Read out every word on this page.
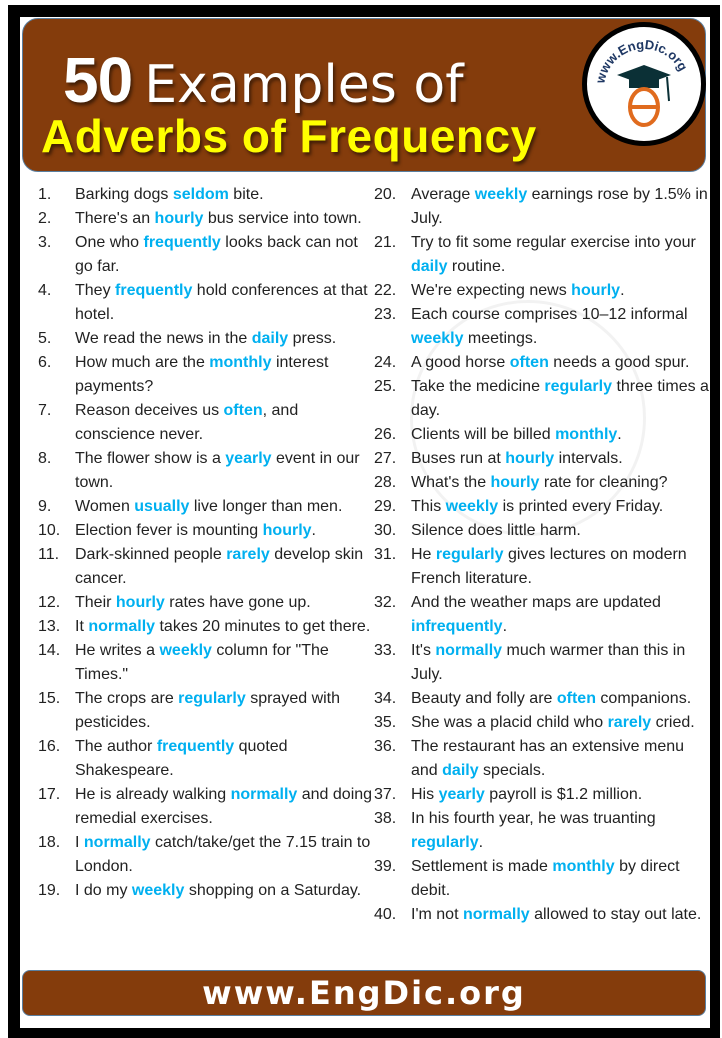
50 Examples of
Adverbs of Frequency
www.EngDic.org
1.	Barking dogs seldom bite.
2.	There's an hourly bus service into town.
3.	One who frequently looks back can not go far.
4.	They frequently hold conferences at that hotel.
5.	We read the news in the daily press.
6.	How much are the monthly interest payments?
7.	Reason deceives us often, and conscience never.
8.	The flower show is a yearly event in our town.
9.	Women usually live longer than men.
10. Election fever is mounting hourly.
11. Dark-skinned people rarely develop skin cancer.
12. Their hourly rates have gone up.
13. It normally takes 20 minutes to get there.
14. He writes a weekly column for "The Times."
15. The crops are regularly sprayed with pesticides.
16. The author frequently quoted Shakespeare.
17. He is already walking normally and doing remedial exercises.
18. I normally catch/take/get the 7.15 train to London.
19. I do my weekly shopping on a Saturday.
20. Average weekly earnings rose by 1.5% in July.
21. Try to fit some regular exercise into your daily routine.
22. We're expecting news hourly.
23. Each course comprises 10–12 informal weekly meetings.
24. A good horse often needs a good spur.
25. Take the medicine regularly three times a day.
26. Clients will be billed monthly.
27. Buses run at hourly intervals.
28. What's the hourly rate for cleaning?
29. This weekly is printed every Friday.
30. Silence does little harm.
31. He regularly gives lectures on modern French literature.
32. And the weather maps are updated infrequently.
33. It's normally much warmer than this in July.
34. Beauty and folly are often companions.
35. She was a placid child who rarely cried.
36. The restaurant has an extensive menu and daily specials.
37. His yearly payroll is $1.2 million.
38. In his fourth year, he was truanting regularly.
39. Settlement is made monthly by direct debit.
40. I'm not normally allowed to stay out late.
www.EngDic.org
